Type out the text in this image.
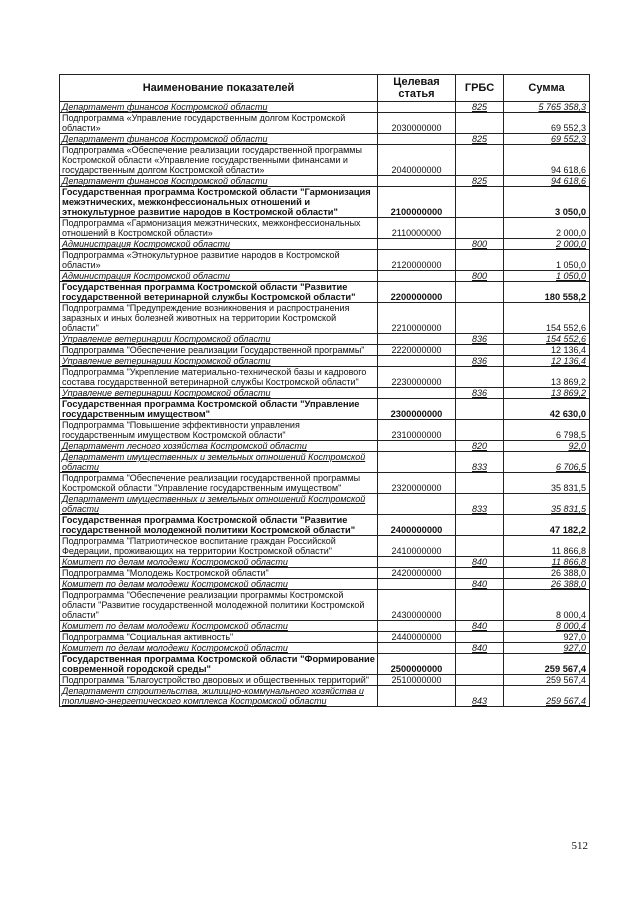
Наименование показателей	Целевая статья	ГРБС	Сумма
Департамент финансов Костромской области		825	5 765 358,3
Подпрограмма «Управление государственным долгом Костромской области»	2030000000		69 552,3
Департамент финансов Костромской области		825	69 552,3
Подпрограмма «Обеспечение реализации государственной программы Костромской области «Управление государственными финансами и государственным долгом Костромской области»	2040000000		94 618,6
Департамент финансов Костромской области		825	94 618,6
Государственная программа Костромской области "Гармонизация межэтнических, межконфессиональных отношений и этнокультурное развитие народов в Костромской области"	2100000000		3 050,0
Подпрограмма «Гармонизация межэтнических, межконфессиональных отношений в Костромской области»	2110000000		2 000,0
Администрация Костромской области		800	2 000,0
Подпрограмма «Этнокультурное развитие народов в Костромской области»	2120000000		1 050,0
Администрация Костромской области		800	1 050,0
Государственная программа Костромской области "Развитие государственной ветеринарной службы Костромской области"	2200000000		180 558,2
Подпрограмма "Предупреждение возникновения и распространения заразных и иных болезней животных на территории Костромской области"	2210000000		154 552,6
Управление ветеринарии Костромской области		836	154 552,6
Подпрограмма "Обеспечение реализации Государственной программы"	2220000000		12 136,4
Управление ветеринарии Костромской области		836	12 136,4
Подпрограмма "Укрепление материально-технической базы и кадрового состава государственной ветеринарной службы Костромской области"	2230000000		13 869,2
Управление ветеринарии Костромской области		836	13 869,2
Государственная программа Костромской области "Управление государственным имуществом"	2300000000		42 630,0
Подпрограмма "Повышение эффективности управления государственным имуществом Костромской области"	2310000000		6 798,5
Департамент лесного хозяйства Костромской области		820	92,0
Департамент имущественных и земельных отношений Костромской области		833	6 706,5
Подпрограмма "Обеспечение реализации государственной программы Костромской области "Управление государственным имуществом"	2320000000		35 831,5
Департамент имущественных и земельных отношений Костромской области		833	35 831,5
Государственная программа Костромской области "Развитие государственной молодежной политики Костромской области"	2400000000		47 182,2
Подпрограмма "Патриотическое воспитание граждан Российской Федерации, проживающих на территории Костромской области"	2410000000		11 866,8
Комитет по делам молодежи Костромской области		840	11 866,8
Подпрограмма "Молодежь Костромской области"	2420000000		26 388,0
Комитет по делам молодежи Костромской области		840	26 388,0
Подпрограмма "Обеспечение реализации программы Костромской области "Развитие государственной молодежной политики Костромской области"	2430000000		8 000,4
Комитет по делам молодежи Костромской области		840	8 000,4
Подпрограмма "Социальная активность"	2440000000		927,0
Комитет по делам молодежи Костромской области		840	927,0
Государственная программа Костромской области "Формирование современной городской среды"	2500000000		259 567,4
Подпрограмма "Благоустройство дворовых и общественных территорий"	2510000000		259 567,4
Департамент строительства, жилищно-коммунального хозяйства и топливно-энергетического комплекса Костромской области		843	259 567,4
512
